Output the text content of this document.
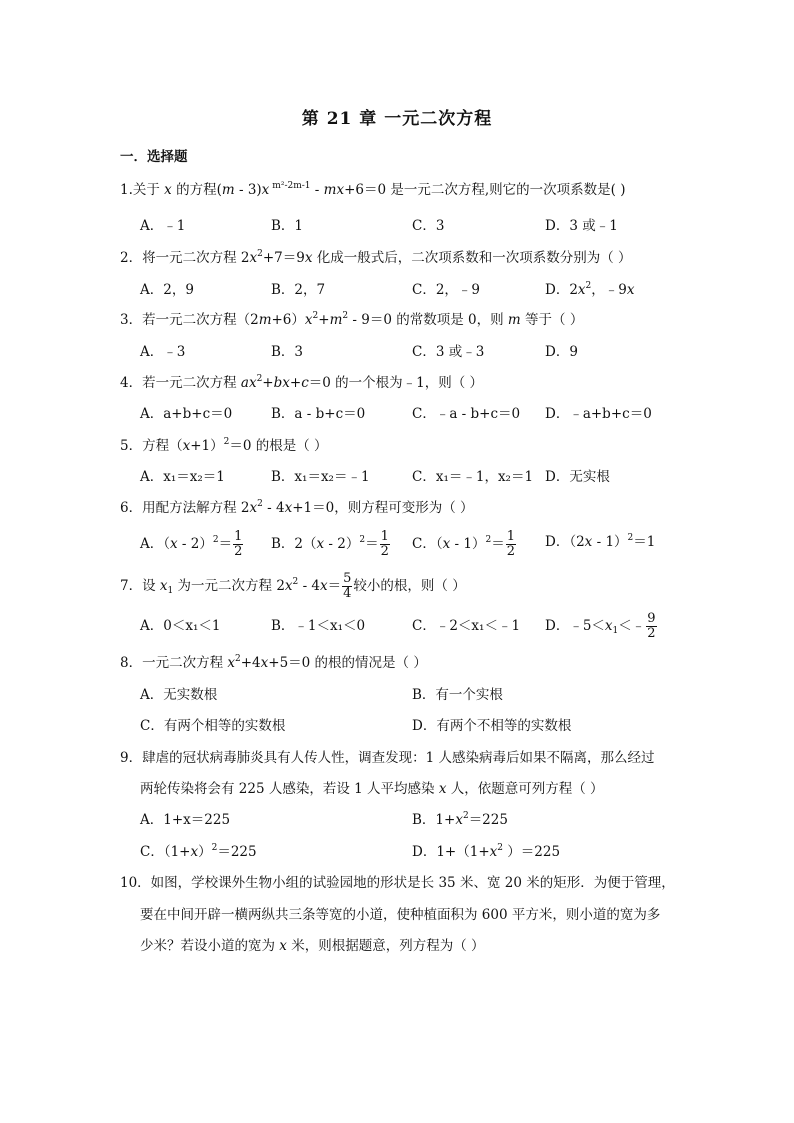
第 21 章 一元二次方程
一．选择题
1.关于 x 的方程(m - 3)x $^{m^2-2m-1}$ - mx+6＝0 是一元二次方程,则它的一次项系数是( )
A．﹣1	B．1	C．3	D．3 或﹣1
2．将一元二次方程 $2x^2+7=9x$ 化成一般式后，二次项系数和一次项系数分别为（ ）
A．2，9	B．2，7	C．2，﹣9	D．$2x^2$，﹣9x
3．若一元二次方程$(2m+6)x^2+m^2 - 9=0$ 的常数项是 0，则 m 等于（ ）
A．﹣3	B．3	C．3 或﹣3	D．9
4．若一元二次方程 $ax^2+bx+c=0$ 的一个根为﹣1，则（ ）
A．a+b+c＝0	B．a - b+c＝0	C．﹣a - b+c＝0 D．﹣a+b+c＝0
5．方程$(x+1)^2=0$ 的根是（ ）
A．x₁＝x₂＝1	B．x₁＝x₂＝﹣1	C．x₁＝﹣1，x₂＝1 D．无实根
6．用配方法解方程 $2x^2 - 4x+1=0$，则方程可变形为（ ）
A．$(x - 2)^2= \frac{1}{2}$ B．$2(x - 2)^2= \frac{1}{2}$ C．$(x - 1)^2= \frac{1}{2}$ D．（2x - 1）$^2$＝1
7．设 $x_1$ 为一元二次方程 $2x^2 - 4x= \frac{5}{4}$ 较小的根，则（ ）
A．0＜x₁＜1	B．﹣1＜x₁＜0	C．﹣2＜x₁＜﹣1 D．$﹣5<x_1<﹣ \frac{9}{2}$
8．一元二次方程 $x^2+4x+5=0$ 的根的情况是（ ）
A．无实数根	B．有一个实根
C．有两个相等的实数根	D．有两个不相等的实数根
9．肆虐的冠状病毒肺炎具有人传人性，调查发现：1 人感染病毒后如果不隔离，那么经过
两轮传染将会有 225 人感染，若设 1 人平均感染 x 人，依题意可列方程（ ）
A．1+x＝225	B．$1+x^2=225$
C．$(1+x)^2=225$	D．$1+(1+x^2$ ）＝225
10．如图，学校课外生物小组的试验园地的形状是长 35 米、宽 20 米的矩形．为便于管理，
要在中间开辟一横两纵共三条等宽的小道，使种植面积为 600 平方米，则小道的宽为多
少米？若设小道的宽为 x 米，则根据题意，列方程为（ ）
